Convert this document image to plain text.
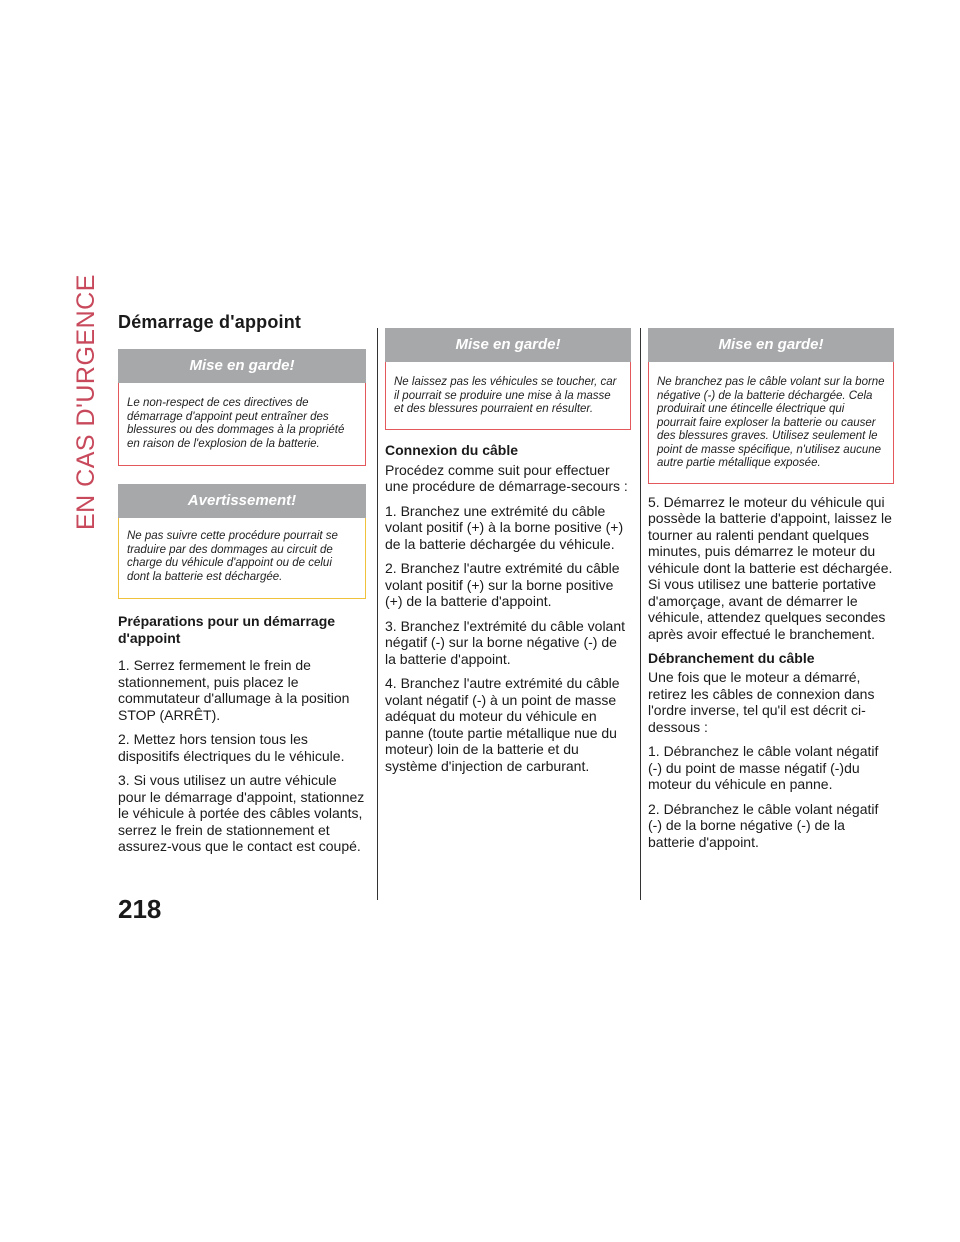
EN CAS D'URGENCE	Démarrage d'appoint
Mise en garde!
Le non-respect de ces directives de démarrage d'appoint peut entraîner des blessures ou des dommages à la propriété en raison de l'explosion de la batterie.
Avertissement!
Ne pas suivre cette procédure pourrait se traduire par des dommages au circuit de charge du véhicule d'appoint ou de celui dont la batterie est déchargée.
Préparations pour un démarrage d'appoint

1. Serrez fermement le frein de stationnement, puis placez le commutateur d'allumage à la position STOP (ARRÊT).

2. Mettez hors tension tous les dispositifs électriques du le véhicule.

3. Si vous utilisez un autre véhicule pour le démarrage d'appoint, stationnez le véhicule à portée des câbles volants, serrez le frein de stationnement et assurez-vous que le contact est coupé.

Mise en garde!
Ne laissez pas les véhicules se toucher, car il pourrait se produire une mise à la masse et des blessures pourraient en résulter.
Connexion du câble

Procédez comme suit pour effectuer une procédure de démarrage-secours :

1. Branchez une extrémité du câble volant positif (+) à la borne positive (+) de la batterie déchargée du véhicule.

2. Branchez l'autre extrémité du câble volant positif (+) sur la borne positive (+) de la batterie d'appoint.

3. Branchez l'extrémité du câble volant négatif (-) sur la borne négative (-) de la batterie d'appoint.

4. Branchez l'autre extrémité du câble volant négatif (-) à un point de masse adéquat du moteur du véhicule en panne (toute partie métallique nue du moteur) loin de la batterie et du système d'injection de carburant.

Mise en garde!
Ne branchez pas le câble volant sur la borne négative (-) de la batterie déchargée. Cela produirait une étincelle électrique qui pourrait faire exploser la batterie ou causer des blessures graves. Utilisez seulement le point de masse spécifique, n'utilisez aucune autre partie métallique exposée.

5. Démarrez le moteur du véhicule qui possède la batterie d'appoint, laissez le tourner au ralenti pendant quelques minutes, puis démarrez le moteur du véhicule dont la batterie est déchargée. Si vous utilisez une batterie portative d'amorçage, avant de démarrer le véhicule, attendez quelques secondes après avoir effectué le branchement.

Débranchement du câble

Une fois que le moteur a démarré, retirez les câbles de connexion dans l'ordre inverse, tel qu'il est décrit ci-dessous :

1. Débranchez le câble volant négatif (-) du point de masse négatif (-)du moteur du véhicule en panne.

2. Débranchez le câble volant négatif (-) de la borne négative (-) de la batterie d'appoint.

218
